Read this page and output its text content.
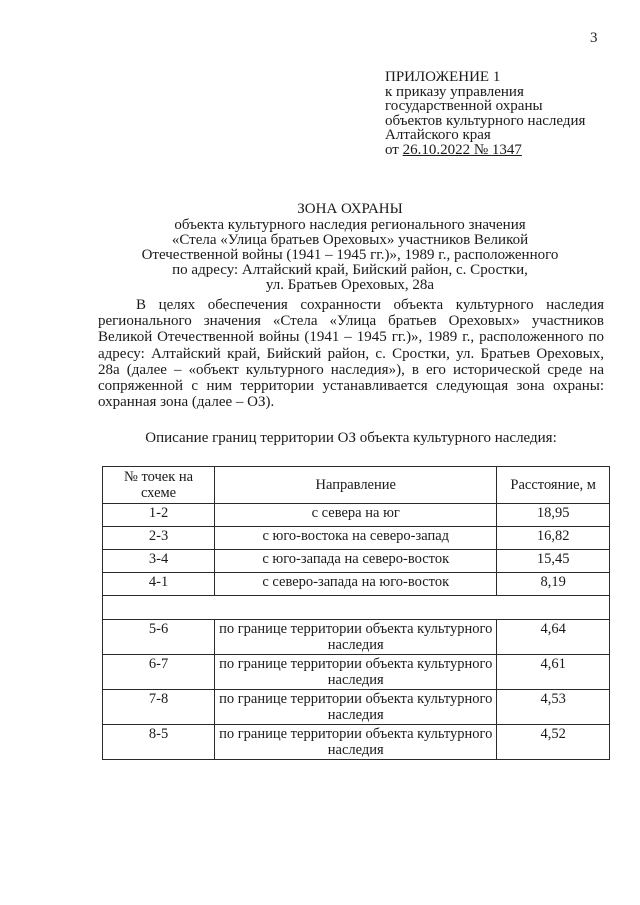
3
ПРИЛОЖЕНИЕ 1
к приказу управления
государственной охраны
объектов культурного наследия
Алтайского края
от 26.10.2022 № 1347
ЗОНА ОХРАНЫ
объекта культурного наследия регионального значения
«Стела «Улица братьев Ореховых» участников Великой
Отечественной войны (1941 – 1945 гг.)», 1989 г., расположенного
по адресу: Алтайский край, Бийский район, с. Сростки,
ул. Братьев Ореховых, 28а
В целях обеспечения сохранности объекта культурного наследия регионального значения «Стела «Улица братьев Ореховых» участников Великой Отечественной войны (1941 – 1945 гг.)», 1989 г., расположенного по адресу: Алтайский край, Бийский район, с. Сростки, ул. Братьев Ореховых, 28а (далее – «объект культурного наследия»), в его исторической среде на сопряженной с ним территории устанавливается следующая зона охраны: охранная зона (далее – ОЗ).
Описание границ территории ОЗ объекта культурного наследия:
№ точек на схеме	Направление	Расстояние, м
1-2	с севера на юг	18,95
2-3	с юго-востока на северо-запад	16,82
3-4	с юго-запада на северо-восток	15,45
4-1	с северо-запада на юго-восток	8,19

5-6	по границе территории объекта культурного наследия	4,64
6-7	по границе территории объекта культурного наследия	4,61
7-8	по границе территории объекта культурного наследия	4,53
8-5	по границе территории объекта культурного наследия	4,52
